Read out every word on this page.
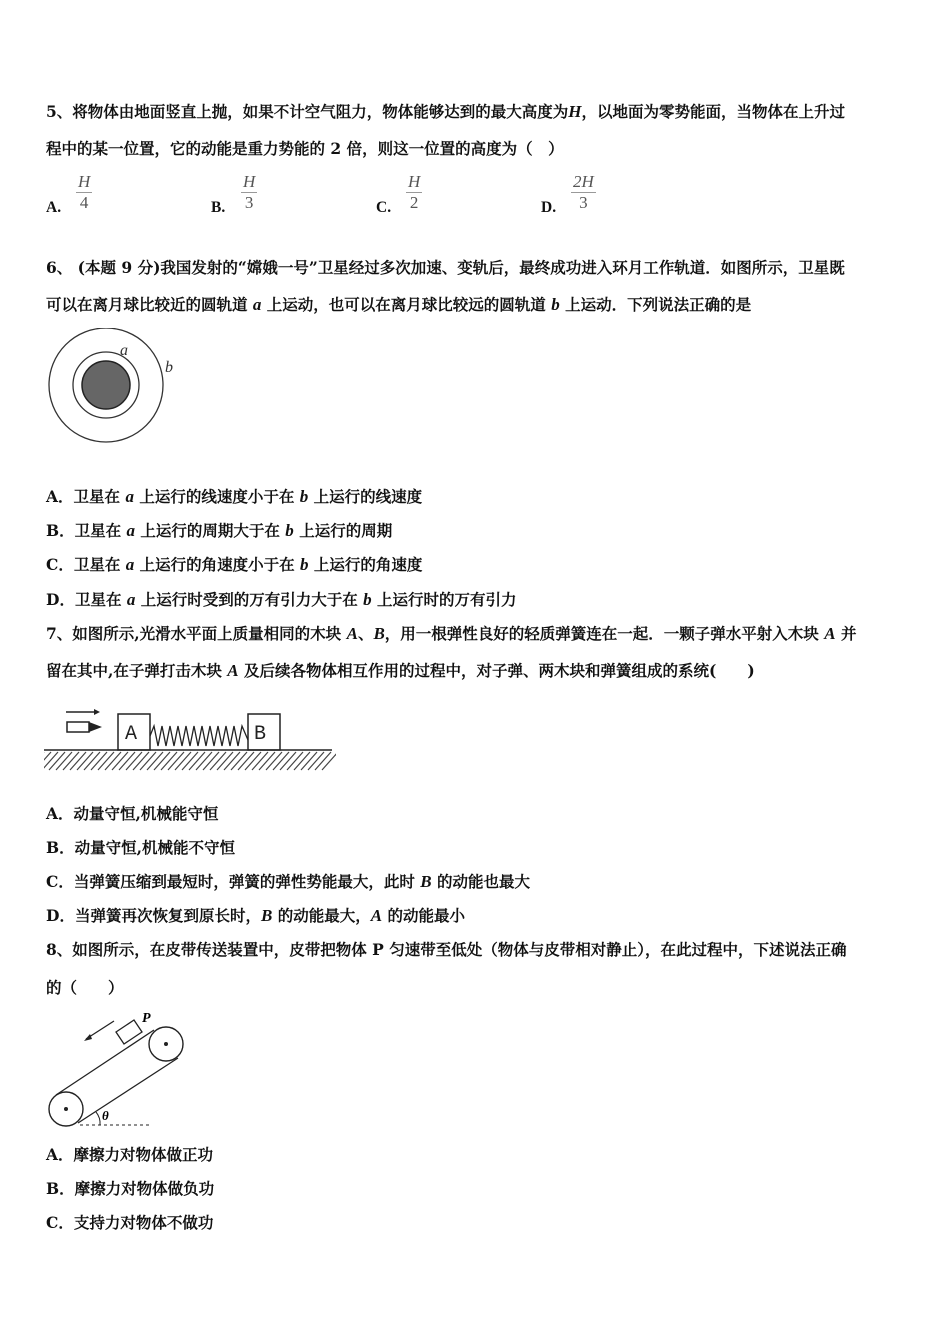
a
b
A	B
P
θ
5、将物体由地面竖直上抛，如果不计空气阻力，物体能够达到的最大高度为H，以地面为零势能面，当物体在上升过
程中的某一位置，它的动能是重力势能的 2 倍，则这一位置的高度为（　）
6、 (本题 9 分)我国发射的“嫦娥一号”卫星经过多次加速、变轨后，最终成功进入环月工作轨道．如图所示，卫星既
可以在离月球比较近的圆轨道 a 上运动，也可以在离月球比较远的圆轨道 b 上运动．下列说法正确的是
7、如图所示,光滑水平面上质量相同的木块 A、B，用一根弹性良好的轻质弹簧连在一起．一颗子弹水平射入木块 A 并
留在其中,在子弹打击木块 A 及后续各物体相互作用的过程中，对子弹、两木块和弹簧组成的系统(　　)
8、如图所示，在皮带传送装置中，皮带把物体 P 匀速带至低处（物体与皮带相对静止），在此过程中，下述说法正确
的（　　）
A．卫星在 a 上运行的线速度小于在 b 上运行的线速度
B．卫星在 a 上运行的周期大于在 b 上运行的周期
C．卫星在 a 上运行的角速度小于在 b 上运行的角速度
D．卫星在 a 上运行时受到的万有引力大于在 b 上运行时的万有引力
A．动量守恒,机械能守恒
B．动量守恒,机械能不守恒
C．当弹簧压缩到最短时，弹簧的弹性势能最大，此时 B 的动能也最大
D．当弹簧再次恢复到原长时，B 的动能最大，A 的动能最小
A．摩擦力对物体做正功
B．摩擦力对物体做负功
C．支持力对物体不做功
A. $\frac{H}{4}$	B. $\frac{H}{3}$	C. $\frac{H}{2}$	D. $\frac{2H}{3}$
